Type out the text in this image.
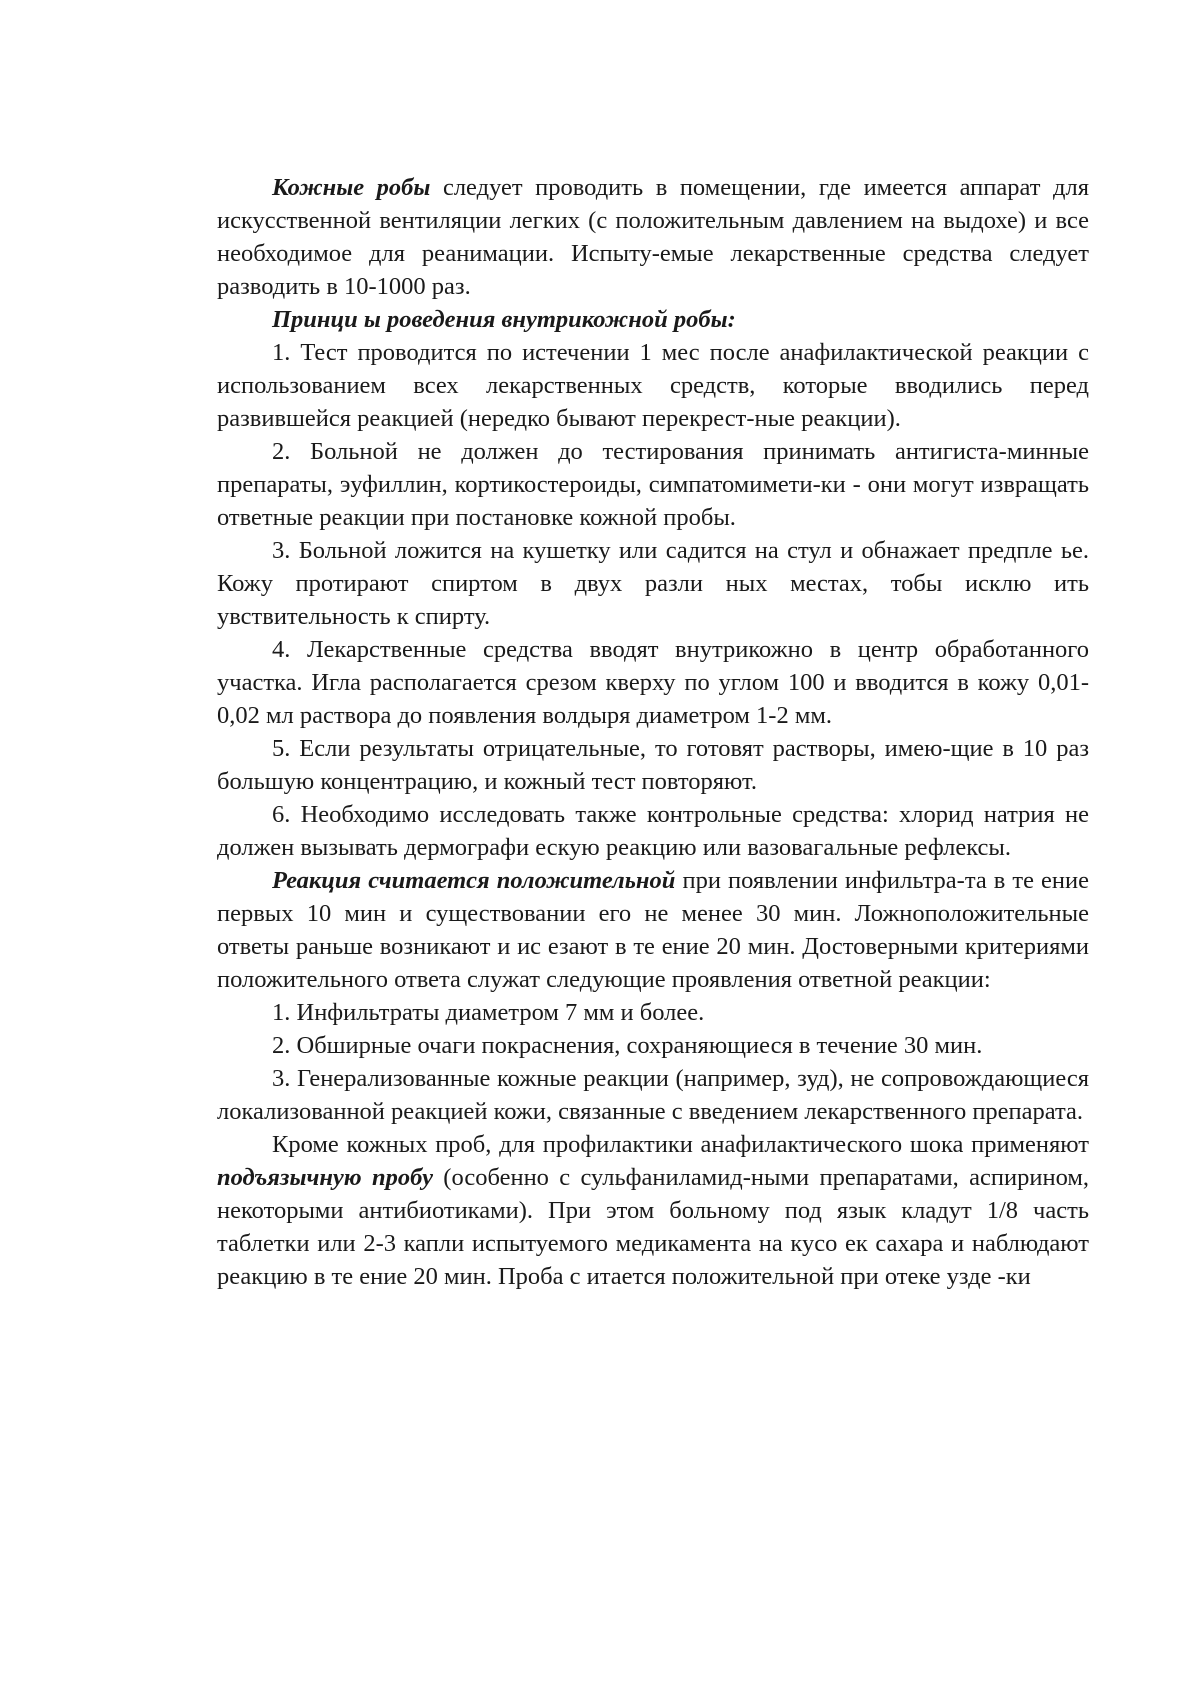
Кожные робы следует проводить в помещении, где имеется аппарат для искусственной вентиляции легких (с положительным давлением на выдохе) и все необходимое для реанимации. Испыту-емые лекарственные средства следует разводить в 10-1000 раз.

Принци ы роведения внутрикожной робы:

1. Тест проводится по истечении 1 мес после анафилактической реакции с использованием всех лекарственных средств, которые вводились перед развившейся реакцией (нередко бывают перекрест-ные реакции).

2. Больной не должен до тестирования принимать антигиста-минные препараты, эуфиллин, кортикостероиды, симпатомимети-ки - они могут извращать ответные реакции при постановке кожной пробы.

3. Больной ложится на кушетку или садится на стул и обнажает предпле ье. Кожу протирают спиртом в двух разли ных местах, тобы исклю ить увствительность к спирту.

4. Лекарственные средства вводят внутрикожно в центр обработанного участка. Игла располагается срезом кверху по углом 100 и вводится в кожу 0,01-0,02 мл раствора до появления волдыря диаметром 1-2 мм.

5. Если результаты отрицательные, то готовят растворы, имею-щие в 10 раз большую концентрацию, и кожный тест повторяют.

6. Необходимо исследовать также контрольные средства: хлорид натрия не должен вызывать дермографи ескую реакцию или вазовагальные рефлексы.

Реакция считается положительной при появлении инфильтра-та в те ение первых 10 мин и существовании его не менее 30 мин. Ложноположительные ответы раньше возникают и ис езают в те ение 20 мин. Достоверными критериями положительного ответа служат следующие проявления ответной реакции:

1. Инфильтраты диаметром 7 мм и более.

2. Обширные очаги покраснения, сохраняющиеся в течение 30 мин.

3. Генерализованные кожные реакции (например, зуд), не сопровождающиеся локализованной реакцией кожи, связанные с введением лекарственного препарата.

Кроме кожных проб, для профилактики анафилактического шока применяют подъязычную пробу (особенно с сульфаниламид-ными препаратами, аспирином, некоторыми антибиотиками). При этом больному под язык кладут 1/8 часть таблетки или 2-3 капли испытуемого медикамента на кусо ек сахара и наблюдают реакцию в те ение 20 мин. Проба с итается положительной при отеке узде -ки
